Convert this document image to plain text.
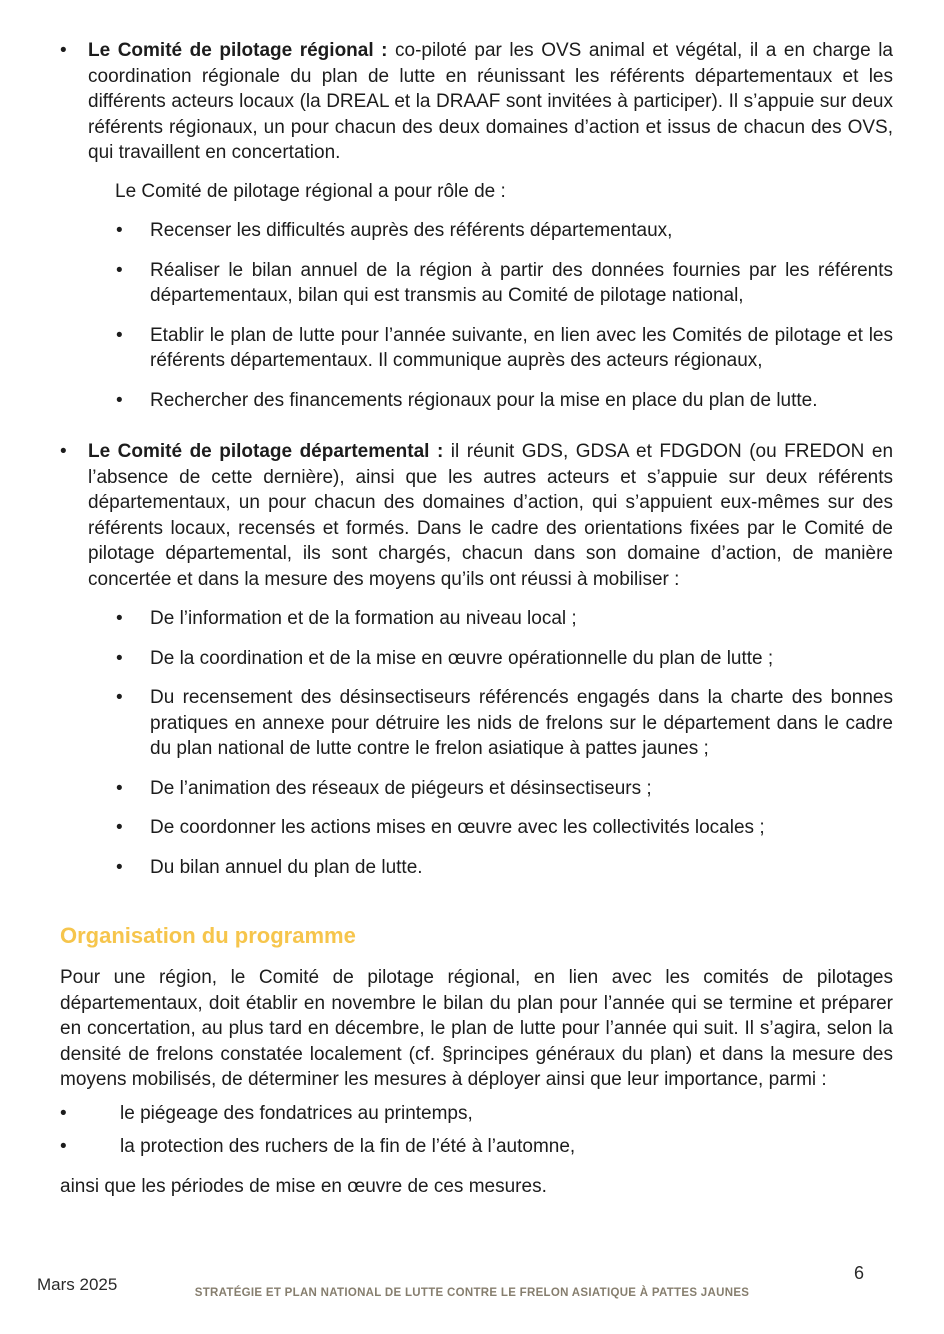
•	Le Comité de pilotage régional : co-piloté par les OVS animal et végétal, il a en charge la coordination régionale du plan de lutte en réunissant les référents départementaux et les différents acteurs locaux (la DREAL et la DRAAF sont invitées à participer). Il s’appuie sur deux référents régionaux, un pour chacun des deux domaines d’action et issus de chacun des OVS, qui travaillent en concertation.

Le Comité de pilotage régional a pour rôle de :

•	Recenser les difficultés auprès des référents départementaux,

•	Réaliser le bilan annuel de la région à partir des données fournies par les référents départementaux, bilan qui est transmis au Comité de pilotage national,

•	Etablir le plan de lutte pour l’année suivante, en lien avec les Comités de pilotage et les référents départementaux. Il communique auprès des acteurs régionaux,

•	Rechercher des financements régionaux pour la mise en place du plan de lutte.

•	Le Comité de pilotage départemental : il réunit GDS, GDSA et FDGDON (ou FREDON en l’absence de cette dernière), ainsi que les autres acteurs et s’appuie sur deux référents départementaux, un pour chacun des domaines d’action, qui s’appuient eux-mêmes sur des référents locaux, recensés et formés. Dans le cadre des orientations fixées par le Comité de pilotage départemental, ils sont chargés, chacun dans son domaine d’action, de manière concertée et dans la mesure des moyens qu’ils ont réussi à mobiliser :

•	De l’information et de la formation au niveau local ;

•	De la coordination et de la mise en œuvre opérationnelle du plan de lutte ;

•	Du recensement des désinsectiseurs référencés engagés dans la charte des bonnes pratiques en annexe pour détruire les nids de frelons sur le département dans le cadre du plan national de lutte contre le frelon asiatique à pattes jaunes ;

•	De l’animation des réseaux de piégeurs et désinsectiseurs ;

•	De coordonner les actions mises en œuvre avec les collectivités locales ;

•	Du bilan annuel du plan de lutte.

Organisation du programme

Pour une région, le Comité de pilotage régional, en lien avec les comités de pilotages départementaux, doit établir en novembre le bilan du plan pour l’année qui se termine et préparer en concertation, au plus tard en décembre, le plan de lutte pour l’année qui suit. Il s’agira, selon la densité de frelons constatée localement (cf. §principes généraux du plan) et dans la mesure des moyens mobilisés, de déterminer les mesures à déployer ainsi que leur importance, parmi :

•	le piégeage des fondatrices au printemps,

•	la protection des ruchers de la fin de l’été à l’automne,

ainsi que les périodes de mise en œuvre de ces mesures.

Mars 2025	STRATÉGIE ET PLAN NATIONAL DE LUTTE CONTRE LE FRELON ASIATIQUE À PATTES JAUNES
6
